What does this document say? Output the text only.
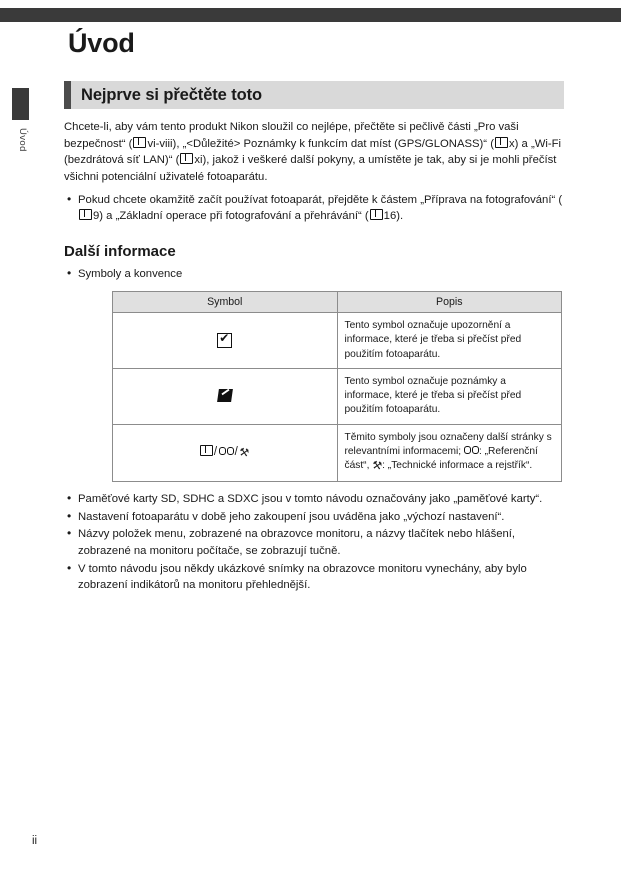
Úvod
Úvod
Nejprve si přečtěte toto

Chcete-li, aby vám tento produkt Nikon sloužil co nejlépe, přečtěte si pečlivě části „Pro vaši bezpečnost“ ( vi-viii), „<Důležité> Poznámky k funkcím dat míst (GPS/GLONASS)“ ( x) a „Wi-Fi (bezdrátová síť LAN)“ ( xi), jakož i veškeré další pokyny, a umístěte je tak, aby si je mohli přečíst všichni potenciální uživatelé fotoaparátu.

• Pokud chcete okamžitě začít používat fotoaparát, přejděte k částem „Příprava na fotografování“ (9) a „Základní operace při fotografování a přehrávání“ ( 16).
Další informace
• Symboly a konvence
Symbol	Popis
✔	Tento symbol označuje upozornění a informace, které je třeba si přečíst před použitím fotoaparátu.
	Tento symbol označuje poznámky a informace, které je třeba si přečíst před použitím fotoaparátu.
/ /⚒	Těmito symboly jsou označeny další stránky s relevantními informacemi; : „Referenční část“, ⚒: „Technické informace a rejstřík“.
• Paměťové karty SD, SDHC a SDXC jsou v tomto návodu označovány jako „paměťové karty“.
• Nastavení fotoaparátu v době jeho zakoupení jsou uváděna jako „výchozí nastavení“.
• Názvy položek menu, zobrazené na obrazovce monitoru, a názvy tlačítek nebo hlášení, zobrazené na monitoru počítače, se zobrazují tučně.
• V tomto návodu jsou někdy ukázkové snímky na obrazovce monitoru vynechány, aby bylo zobrazení indikátorů na monitoru přehlednější.
ii
